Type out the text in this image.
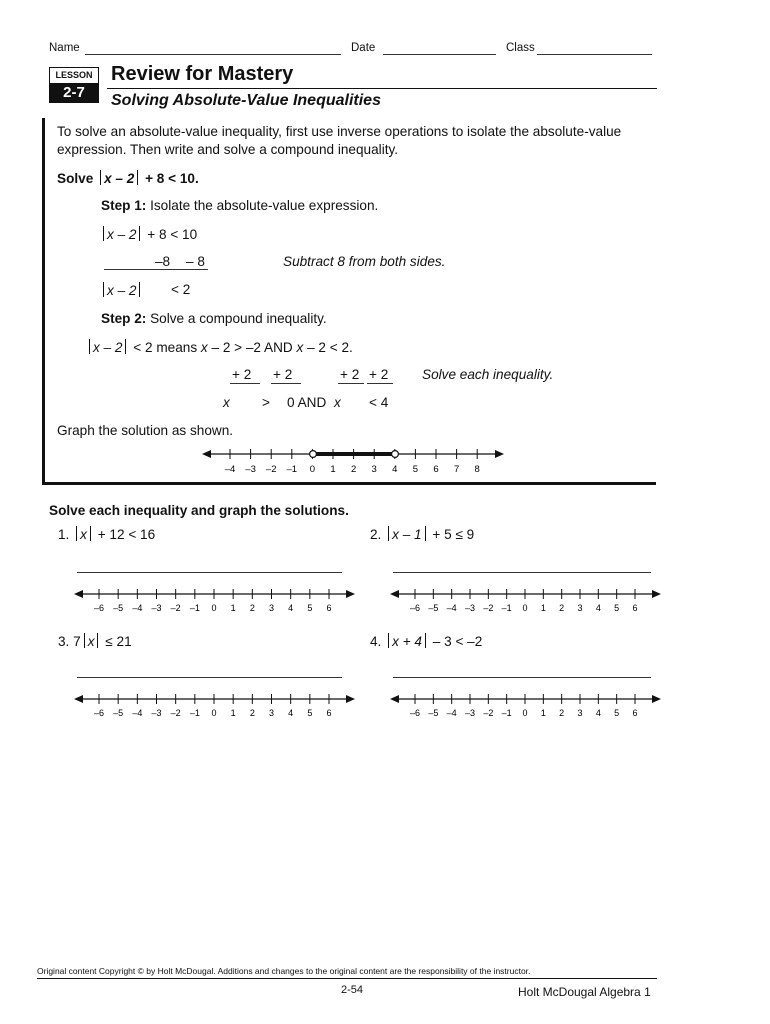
Name	Date	Class
LESSON
2-7
Review for Mastery
Solving Absolute-Value Inequalities
To solve an absolute-value inequality, first use inverse operations to isolate the absolute-value
expression. Then write and solve a compound inequality.
Solve x – 2 + 8 < 10.
Step 1: Isolate the absolute-value expression.
x – 2 + 8 < 10
–8 – 8	Subtract 8 from both sides.
x – 2	< 2
Step 2: Solve a compound inequality.
x – 2 < 2 means x – 2 > –2 AND x – 2 < 2.
+ 2 + 2	+ 2 + 2 Solve each inequality.
x > 0 AND x < 4
Graph the solution as shown.
–4 –3 –2 –1 0 1 2 3 4 5 6 7 8
Solve each inequality and graph the solutions.
1. x + 12 < 16	2. x – 1 + 5 ≤ 9
–6 –5 –4 –3 –2 –1 0 1 2 3 4 5 6	–6 –5 –4 –3 –2 –1 0 1 2 3 4 5 6
3. 7 x ≤ 21	4. x + 4 – 3 < –2
–6 –5 –4 –3 –2 –1 0 1 2 3 4 5 6	–6 –5 –4 –3 –2 –1 0 1 2 3 4 5 6
Original content Copyright © by Holt McDougal. Additions and changes to the original content are the responsibility of the instructor.
2-54	Holt McDougal Algebra 1
